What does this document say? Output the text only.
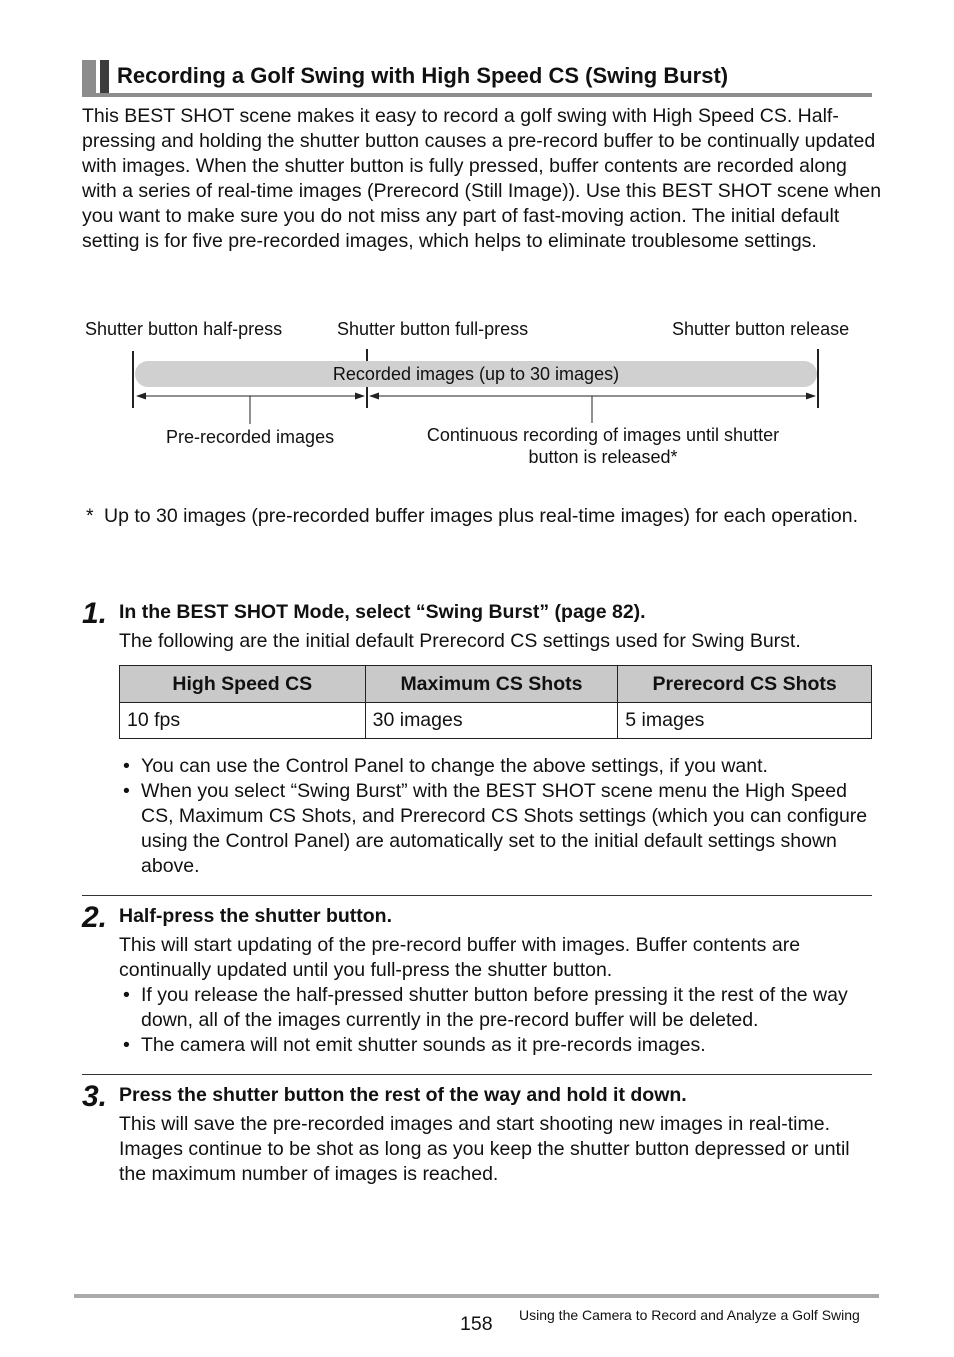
Recording a Golf Swing with High Speed CS (Swing Burst)
This BEST SHOT scene makes it easy to record a golf swing with High Speed CS. Half-pressing and holding the shutter button causes a pre-record buffer to be continually updated with images. When the shutter button is fully pressed, buffer contents are recorded along with a series of real-time images (Prerecord (Still Image)). Use this BEST SHOT scene when you want to make sure you do not miss any part of fast-moving action. The initial default setting is for five pre-recorded images, which helps to eliminate troublesome settings.
Shutter button half-press	Shutter button full-press	Shutter button release
Recorded images (up to 30 images)
Pre-recorded images	Continuous recording of images until shutter
button is released*
* Up to 30 images (pre-recorded buffer images plus real-time images) for each operation.
1. In the BEST SHOT Mode, select “Swing Burst” (page 82).
The following are the initial default Prerecord CS settings used for Swing Burst.
High Speed CS	Maximum CS Shots	Prerecord CS Shots
10 fps	30 images	5 images
• You can use the Control Panel to change the above settings, if you want.
• When you select “Swing Burst” with the BEST SHOT scene menu the High Speed CS, Maximum CS Shots, and Prerecord CS Shots settings (which you can configure using the Control Panel) are automatically set to the initial default settings shown above.
2. Half-press the shutter button.
This will start updating of the pre-record buffer with images. Buffer contents are continually updated until you full-press the shutter button.
• If you release the half-pressed shutter button before pressing it the rest of the way down, all of the images currently in the pre-record buffer will be deleted.
• The camera will not emit shutter sounds as it pre-records images.
3. Press the shutter button the rest of the way and hold it down.
This will save the pre-recorded images and start shooting new images in real-time. Images continue to be shot as long as you keep the shutter button depressed or until the maximum number of images is reached.
158 Using the Camera to Record and Analyze a Golf Swing
